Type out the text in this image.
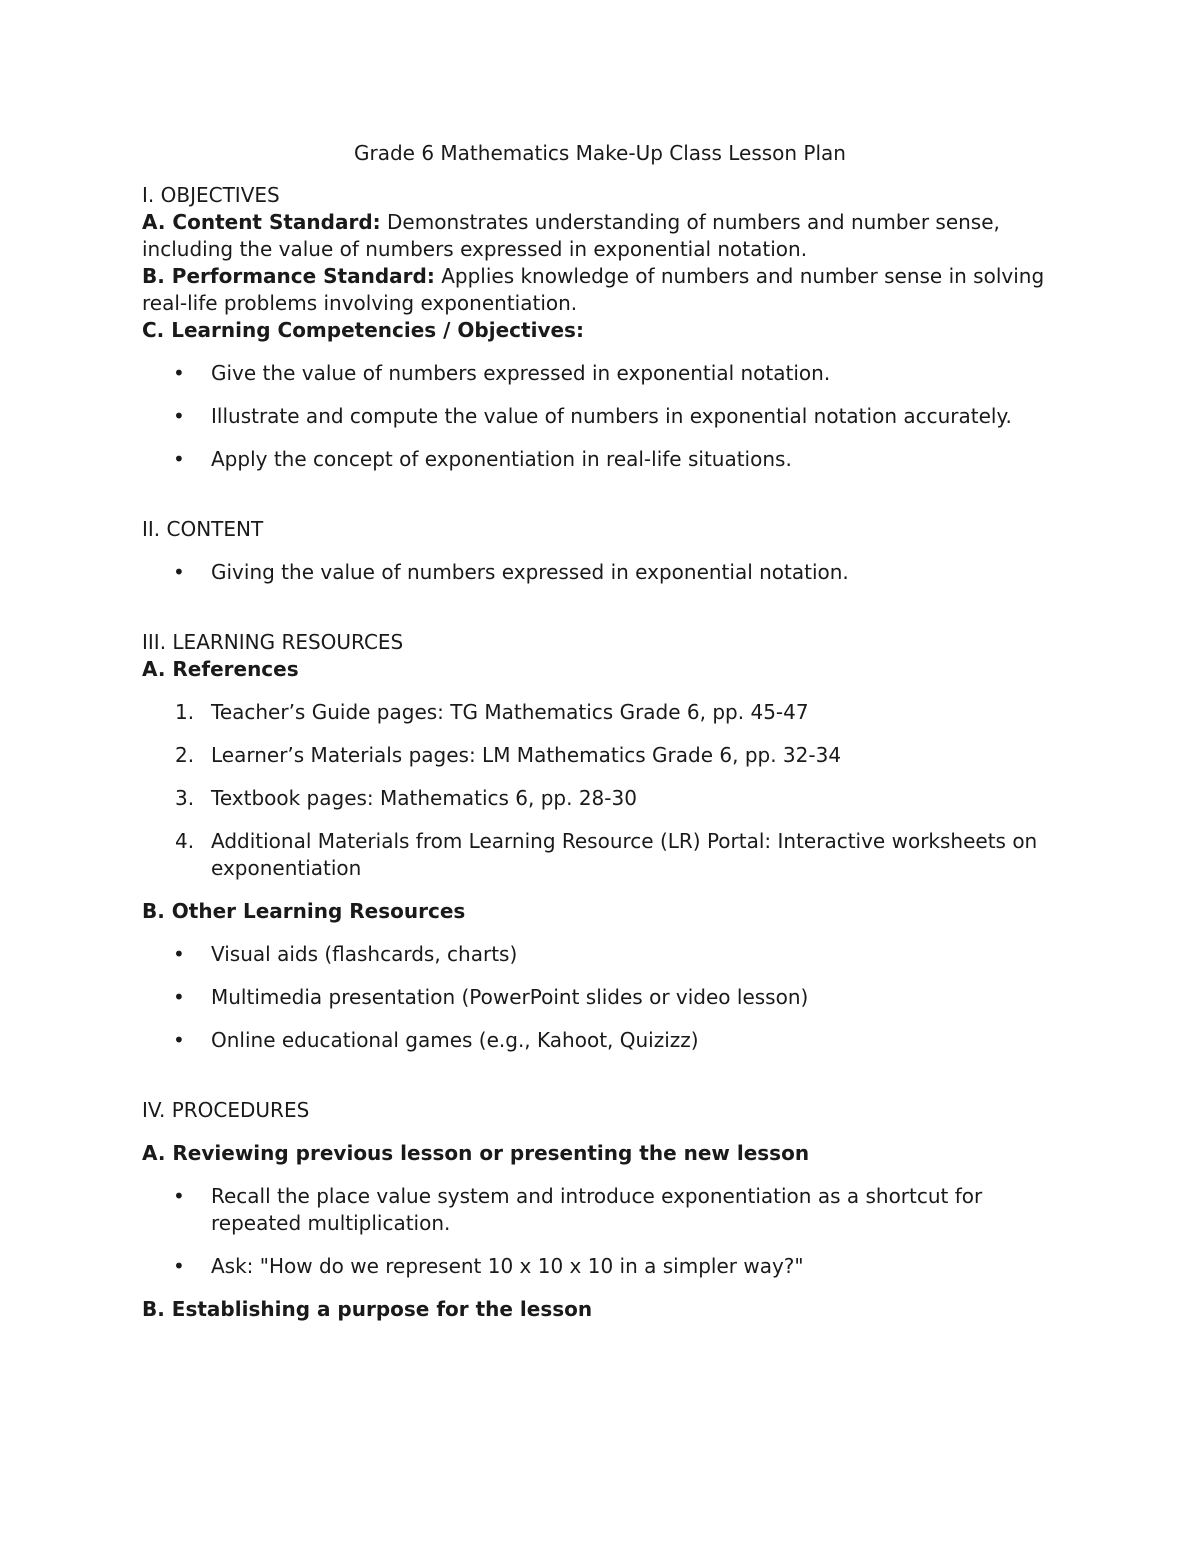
Grade 6 Mathematics Make-Up Class Lesson Plan

I. OBJECTIVES

A. Content Standard: Demonstrates understanding of numbers and number sense, including the value of numbers expressed in exponential notation.

B. Performance Standard: Applies knowledge of numbers and number sense in solving real-life problems involving exponentiation.

C. Learning Competencies / Objectives:

• Give the value of numbers expressed in exponential notation.
• Illustrate and compute the value of numbers in exponential notation accurately.
• Apply the concept of exponentiation in real-life situations.

II. CONTENT

• Giving the value of numbers expressed in exponential notation.

III. LEARNING RESOURCES

A. References

1. Teacher’s Guide pages: TG Mathematics Grade 6, pp. 45-47
2. Learner’s Materials pages: LM Mathematics Grade 6, pp. 32-34
3. Textbook pages: Mathematics 6, pp. 28-30
4. Additional Materials from Learning Resource (LR) Portal: Interactive worksheets on exponentiation

B. Other Learning Resources

• Visual aids (flashcards, charts)
• Multimedia presentation (PowerPoint slides or video lesson)
• Online educational games (e.g., Kahoot, Quizizz)

IV. PROCEDURES

A. Reviewing previous lesson or presenting the new lesson

• Recall the place value system and introduce exponentiation as a shortcut for repeated multiplication.
• Ask: "How do we represent 10 x 10 x 10 in a simpler way?"

B. Establishing a purpose for the lesson
